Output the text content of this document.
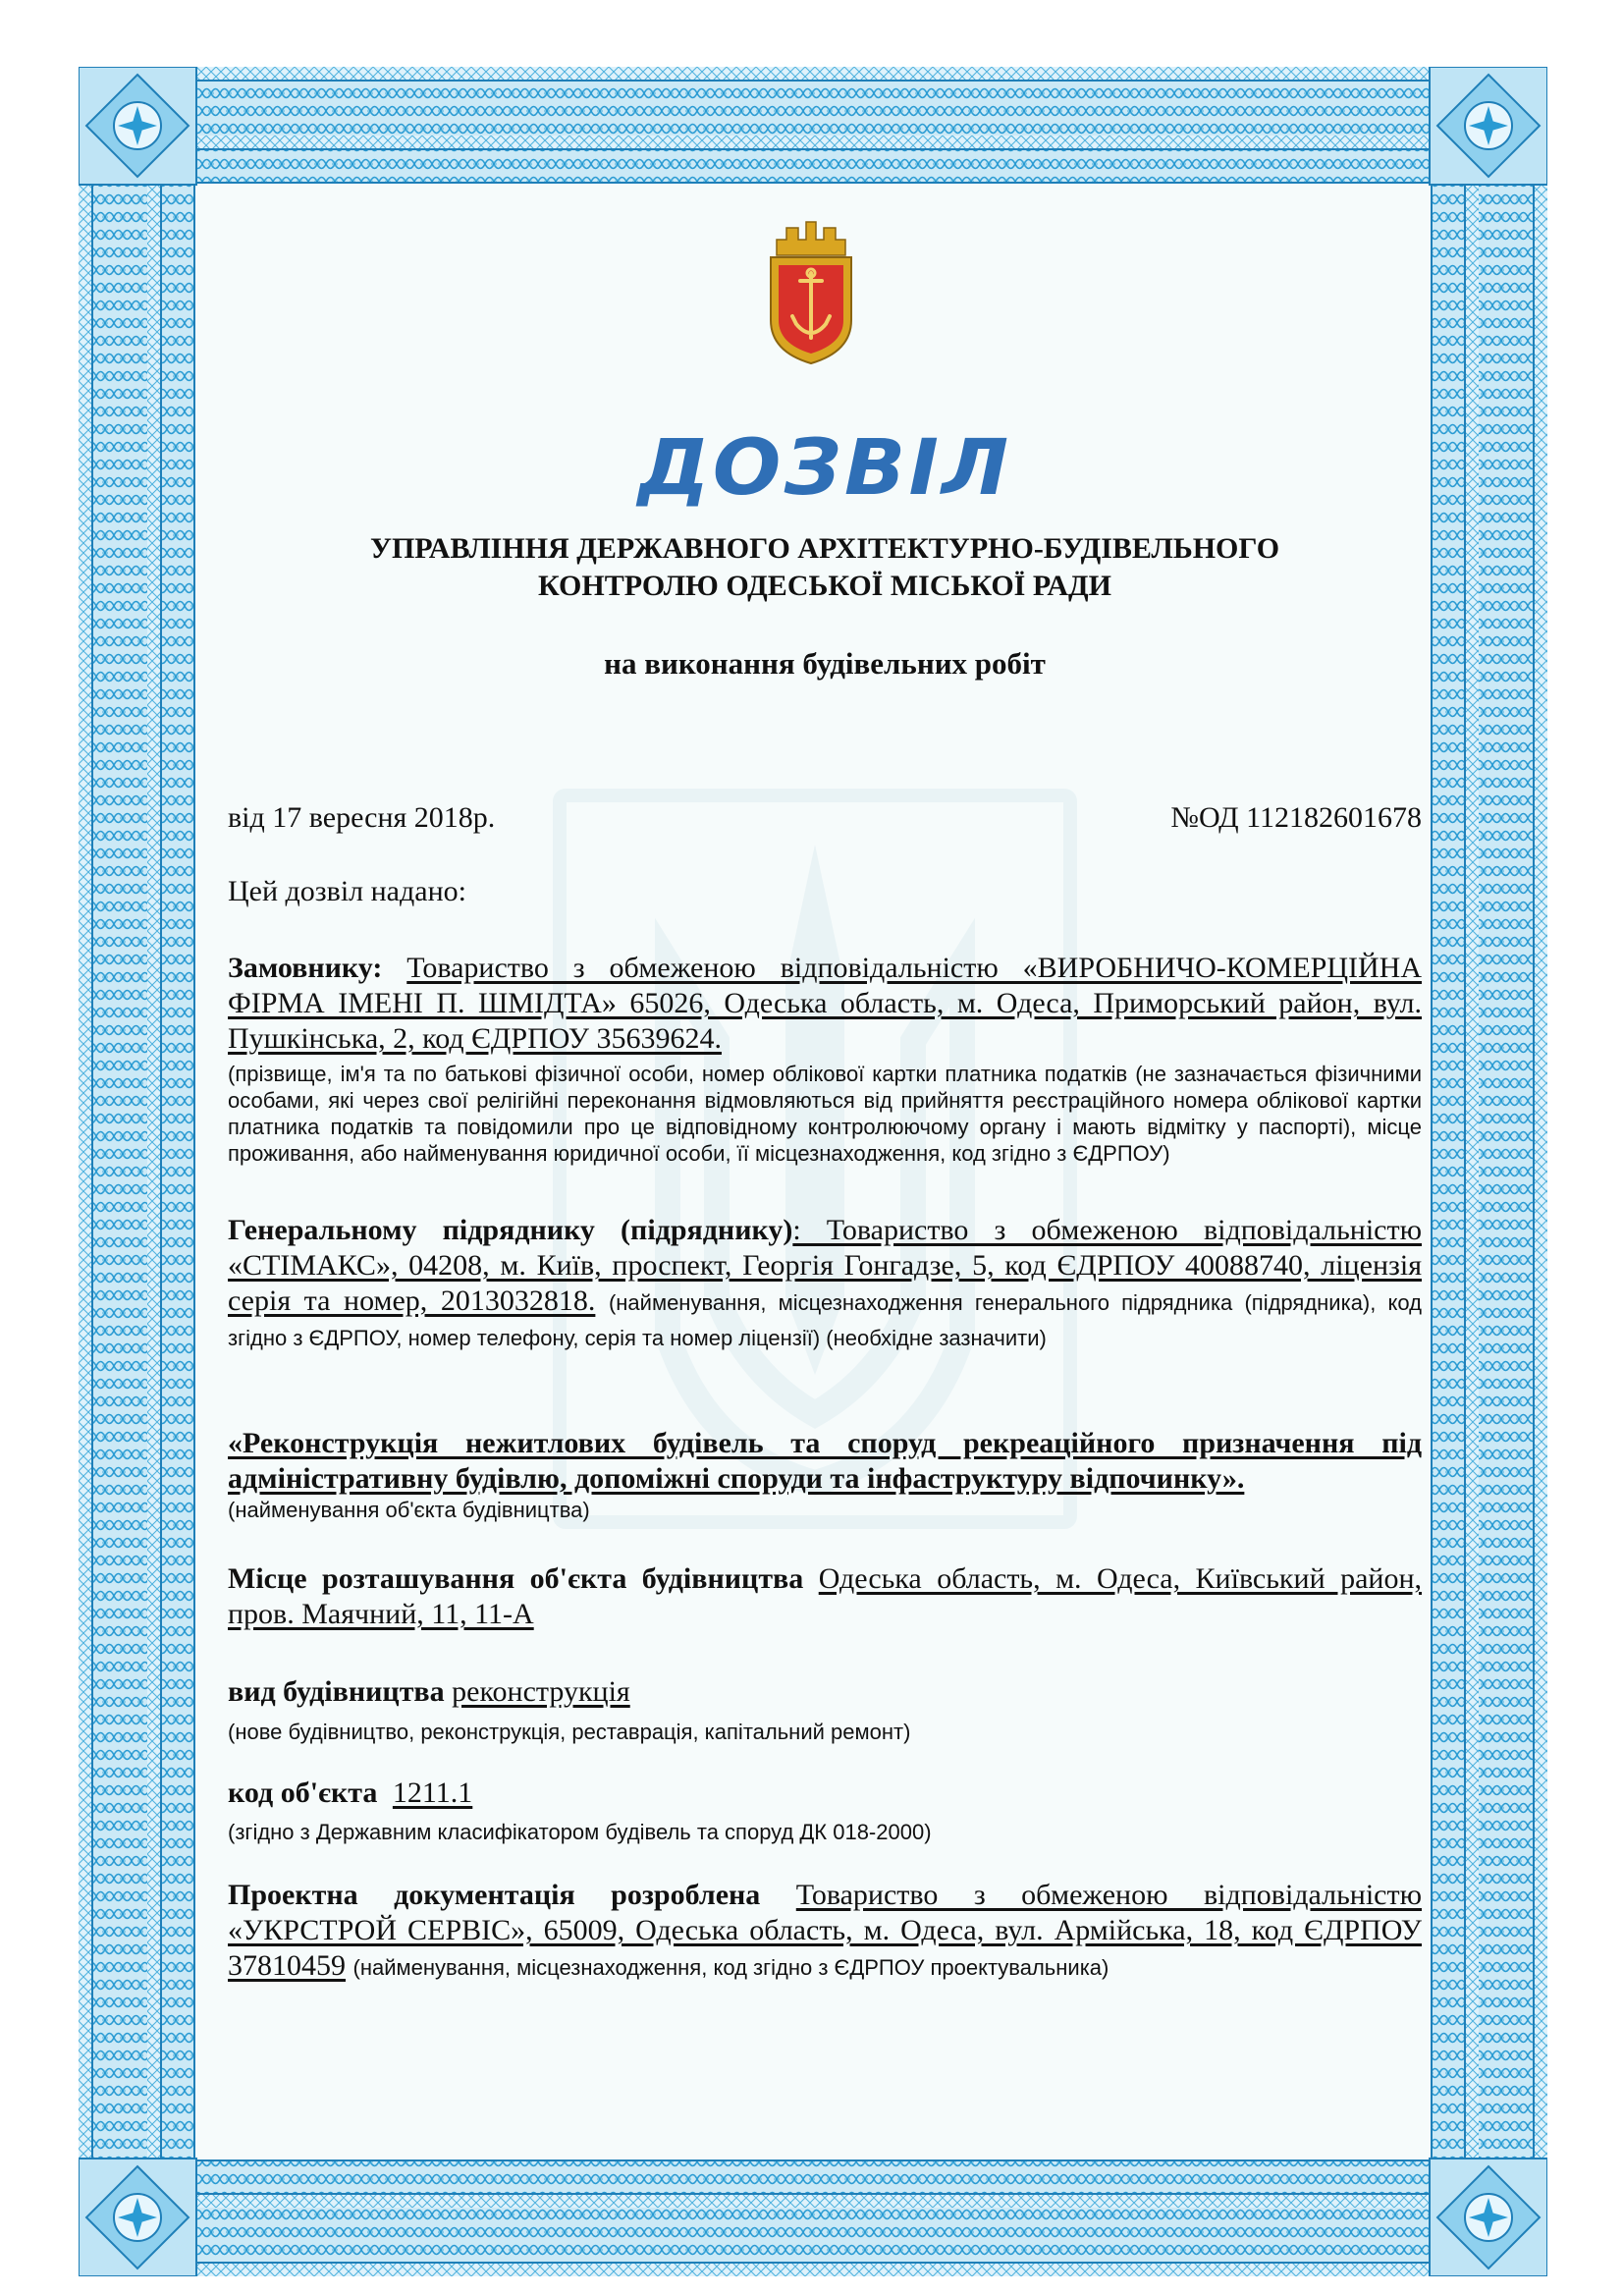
ДОЗВІЛ

УПРАВЛІННЯ ДЕРЖАВНОГО АРХІТЕКТУРНО-БУДІВЕЛЬНОГО

КОНТРОЛЮ ОДЕСЬКОЇ МІСЬКОЇ РАДИ

на виконання будівельних робіт

від 17 вересня 2018р.	№ОД 112182601678

Цей дозвіл надано:

Замовнику: Товариство з обмеженою відповідальністю «ВИРОБНИЧО-КОМЕРЦІЙНА ФІРМА ІМЕНІ П. ШМІДТА» 65026, Одеська область, м. Одеса, Приморський район, вул. Пушкінська, 2, код ЄДРПОУ 35639624.

(прізвище, ім'я та по батькові фізичної особи, номер облікової картки платника податків (не зазначається фізичними особами, які через свої релігійні переконання відмовляються від прийняття реєстраційного номера облікової картки платника податків та повідомили про це відповідному контролюючому органу і мають відмітку у паспорті), місце проживання, або найменування юридичної особи, її місцезнаходження, код згідно з ЄДРПОУ)

Генеральному підряднику (підряднику): Товариство з обмеженою відповідальністю «СТІМАКС», 04208, м. Київ, проспект, Георгія Гонгадзе, 5, код ЄДРПОУ 40088740, ліцензія серія та номер, 2013032818. (найменування, місцезнаходження генерального підрядника (підрядника), код згідно з ЄДРПОУ, номер телефону, серія та номер ліцензії) (необхідне зазначити)
«Реконструкція нежитлових будівель та споруд рекреаційного призначення під адміністративну будівлю, допоміжні споруди та інфаструктуру відпочинку».

(найменування об'єкта будівництва)

Місце розташування об'єкта будівництва Одеська область, м. Одеса, Київський район, пров. Маячний, 11, 11-А
вид будівництва реконструкція

(нове будівництво, реконструкція, реставрація, капітальний ремонт)

код об'єкта 1211.1

(згідно з Державним класифікатором будівель та споруд ДК 018-2000)

Проектна документація розроблена Товариство з обмеженою відповідальністю «УКРСТРОЙ СЕРВІС», 65009, Одеська область, м. Одеса, вул. Армійська, 18, код ЄДРПОУ 37810459 (найменування, місцезнаходження, код згідно з ЄДРПОУ проектувальника)
